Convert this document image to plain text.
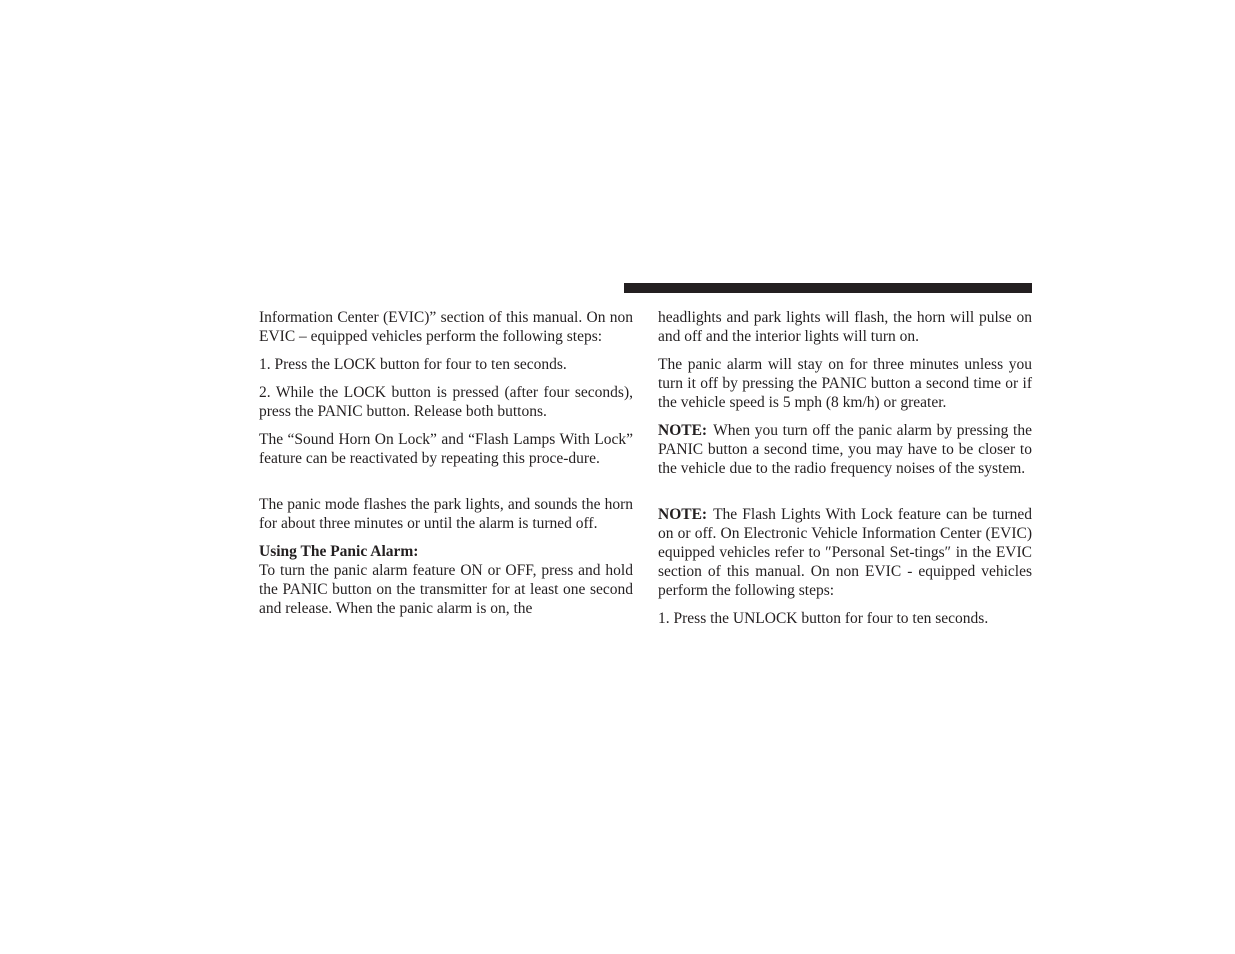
Information Center (EVIC)” section of this manual. On non EVIC – equipped vehicles perform the following steps:

1. Press the LOCK button for four to ten seconds.

2. While the LOCK button is pressed (after four seconds), press the PANIC button. Release both buttons.

The “Sound Horn On Lock” and “Flash Lamps With Lock” feature can be reactivated by repeating this proce-dure.

The panic mode flashes the park lights, and sounds the horn for about three minutes or until the alarm is turned off.

Using The Panic Alarm:

To turn the panic alarm feature ON or OFF, press and hold the PANIC button on the transmitter for at least one second and release. When the panic alarm is on, the

headlights and park lights will flash, the horn will pulse on and off and the interior lights will turn on.

The panic alarm will stay on for three minutes unless you turn it off by pressing the PANIC button a second time or if the vehicle speed is 5 mph (8 km/h) or greater.

NOTE: When you turn off the panic alarm by pressing the PANIC button a second time, you may have to be closer to the vehicle due to the radio frequency noises of the system.

NOTE: The Flash Lights With Lock feature can be turned on or off. On Electronic Vehicle Information Center (EVIC) equipped vehicles refer to ″Personal Set-tings″ in the EVIC section of this manual. On non EVIC - equipped vehicles perform the following steps:

1. Press the UNLOCK button for four to ten seconds.
